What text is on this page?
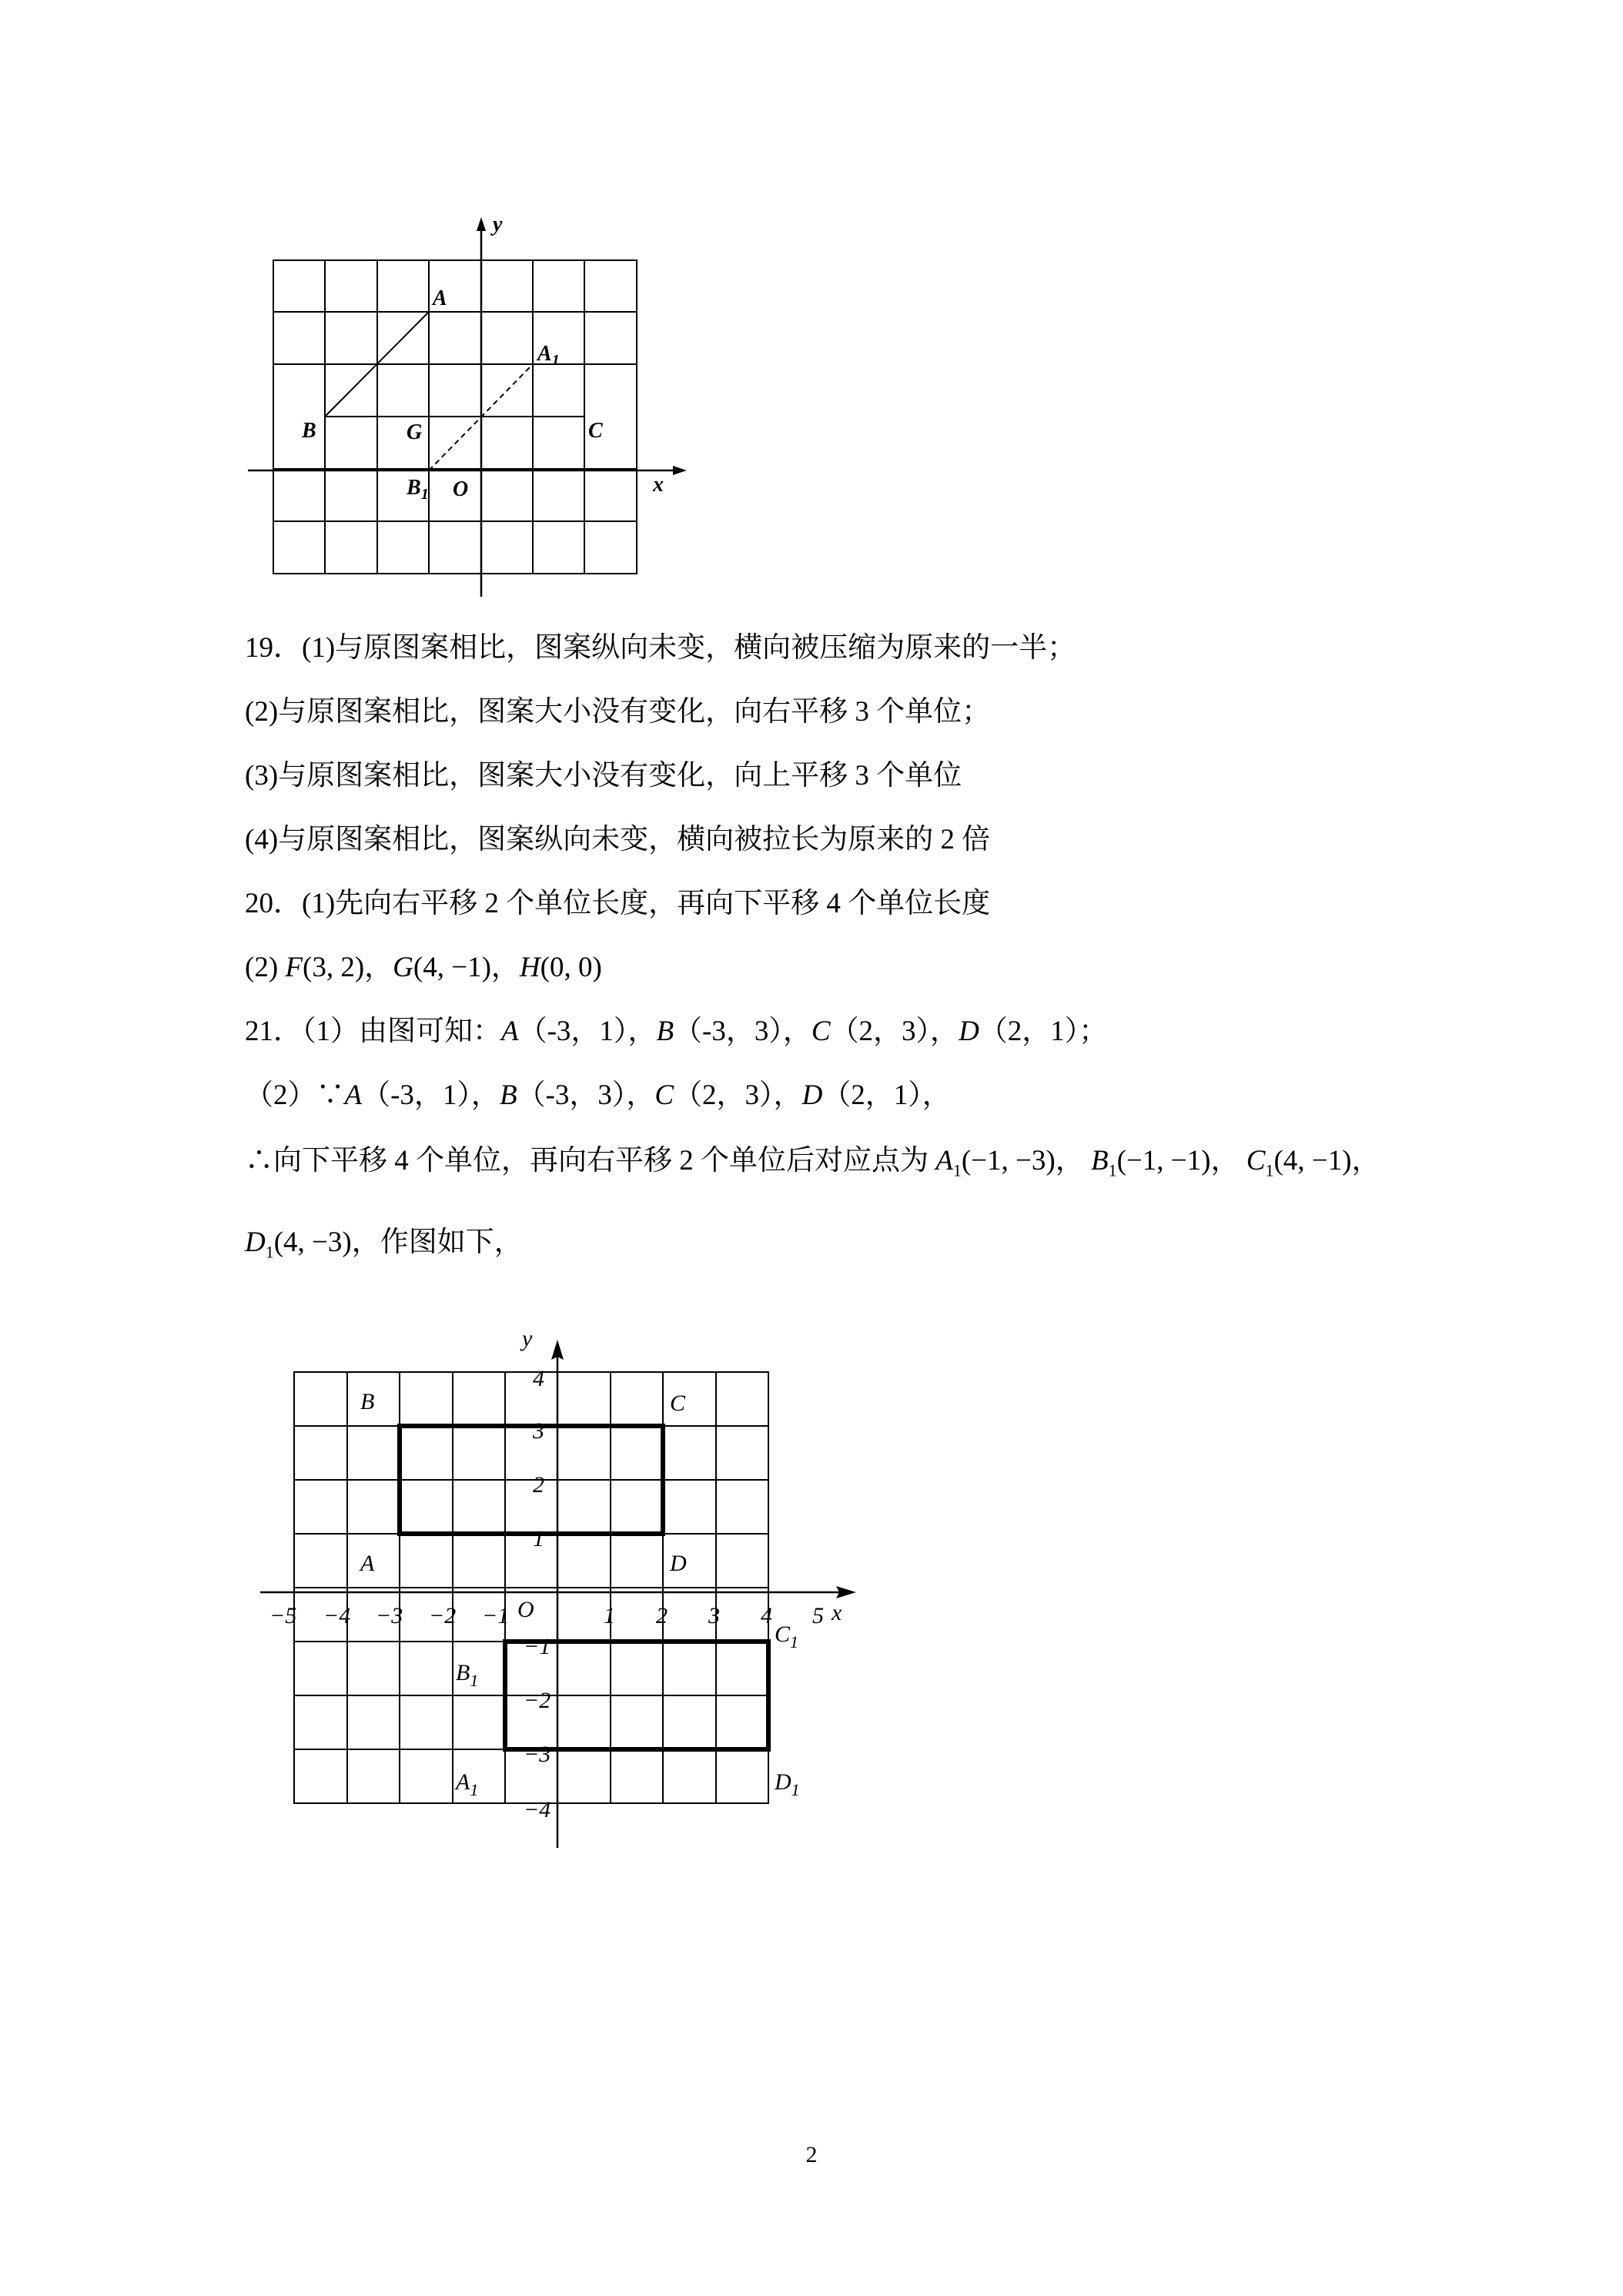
y
x
A
$A_1$
B	G	C
$B_1$ O
19．(1)与原图案相比，图案纵向未变，横向被压缩为原来的一半；
(2)与原图案相比，图案大小没有变化，向右平移 3 个单位；
(3)与原图案相比，图案大小没有变化，向上平移 3 个单位
(4)与原图案相比，图案纵向未变，横向被拉长为原来的 2 倍
20．(1)先向右平移 2 个单位长度，再向下平移 4 个单位长度
(2) F(3, 2)，G(4, −1)，H(0, 0)
21．（1）由图可知：A（-3，1），B（-3，3），C（2，3），D（2，1）；
（2）∵A（-3，1），B（-3，3），C（2，3），D（2，1），
∴向下平移 4 个单位，再向右平移 2 个单位后对应点为 $A_1(-1$, −3)， $B_1(-1$, −1)， $C_1(4$, −1)，
$D_1(4$, −3)，作图如下，
y
x
O
−5 −4 −3 −2 −1	1 2 3 4 5
4
3
2
1
−1
−2
−3
−4
B	C
A	D
$B_1$
$C_1$
$A_1$	$D_1$
2
